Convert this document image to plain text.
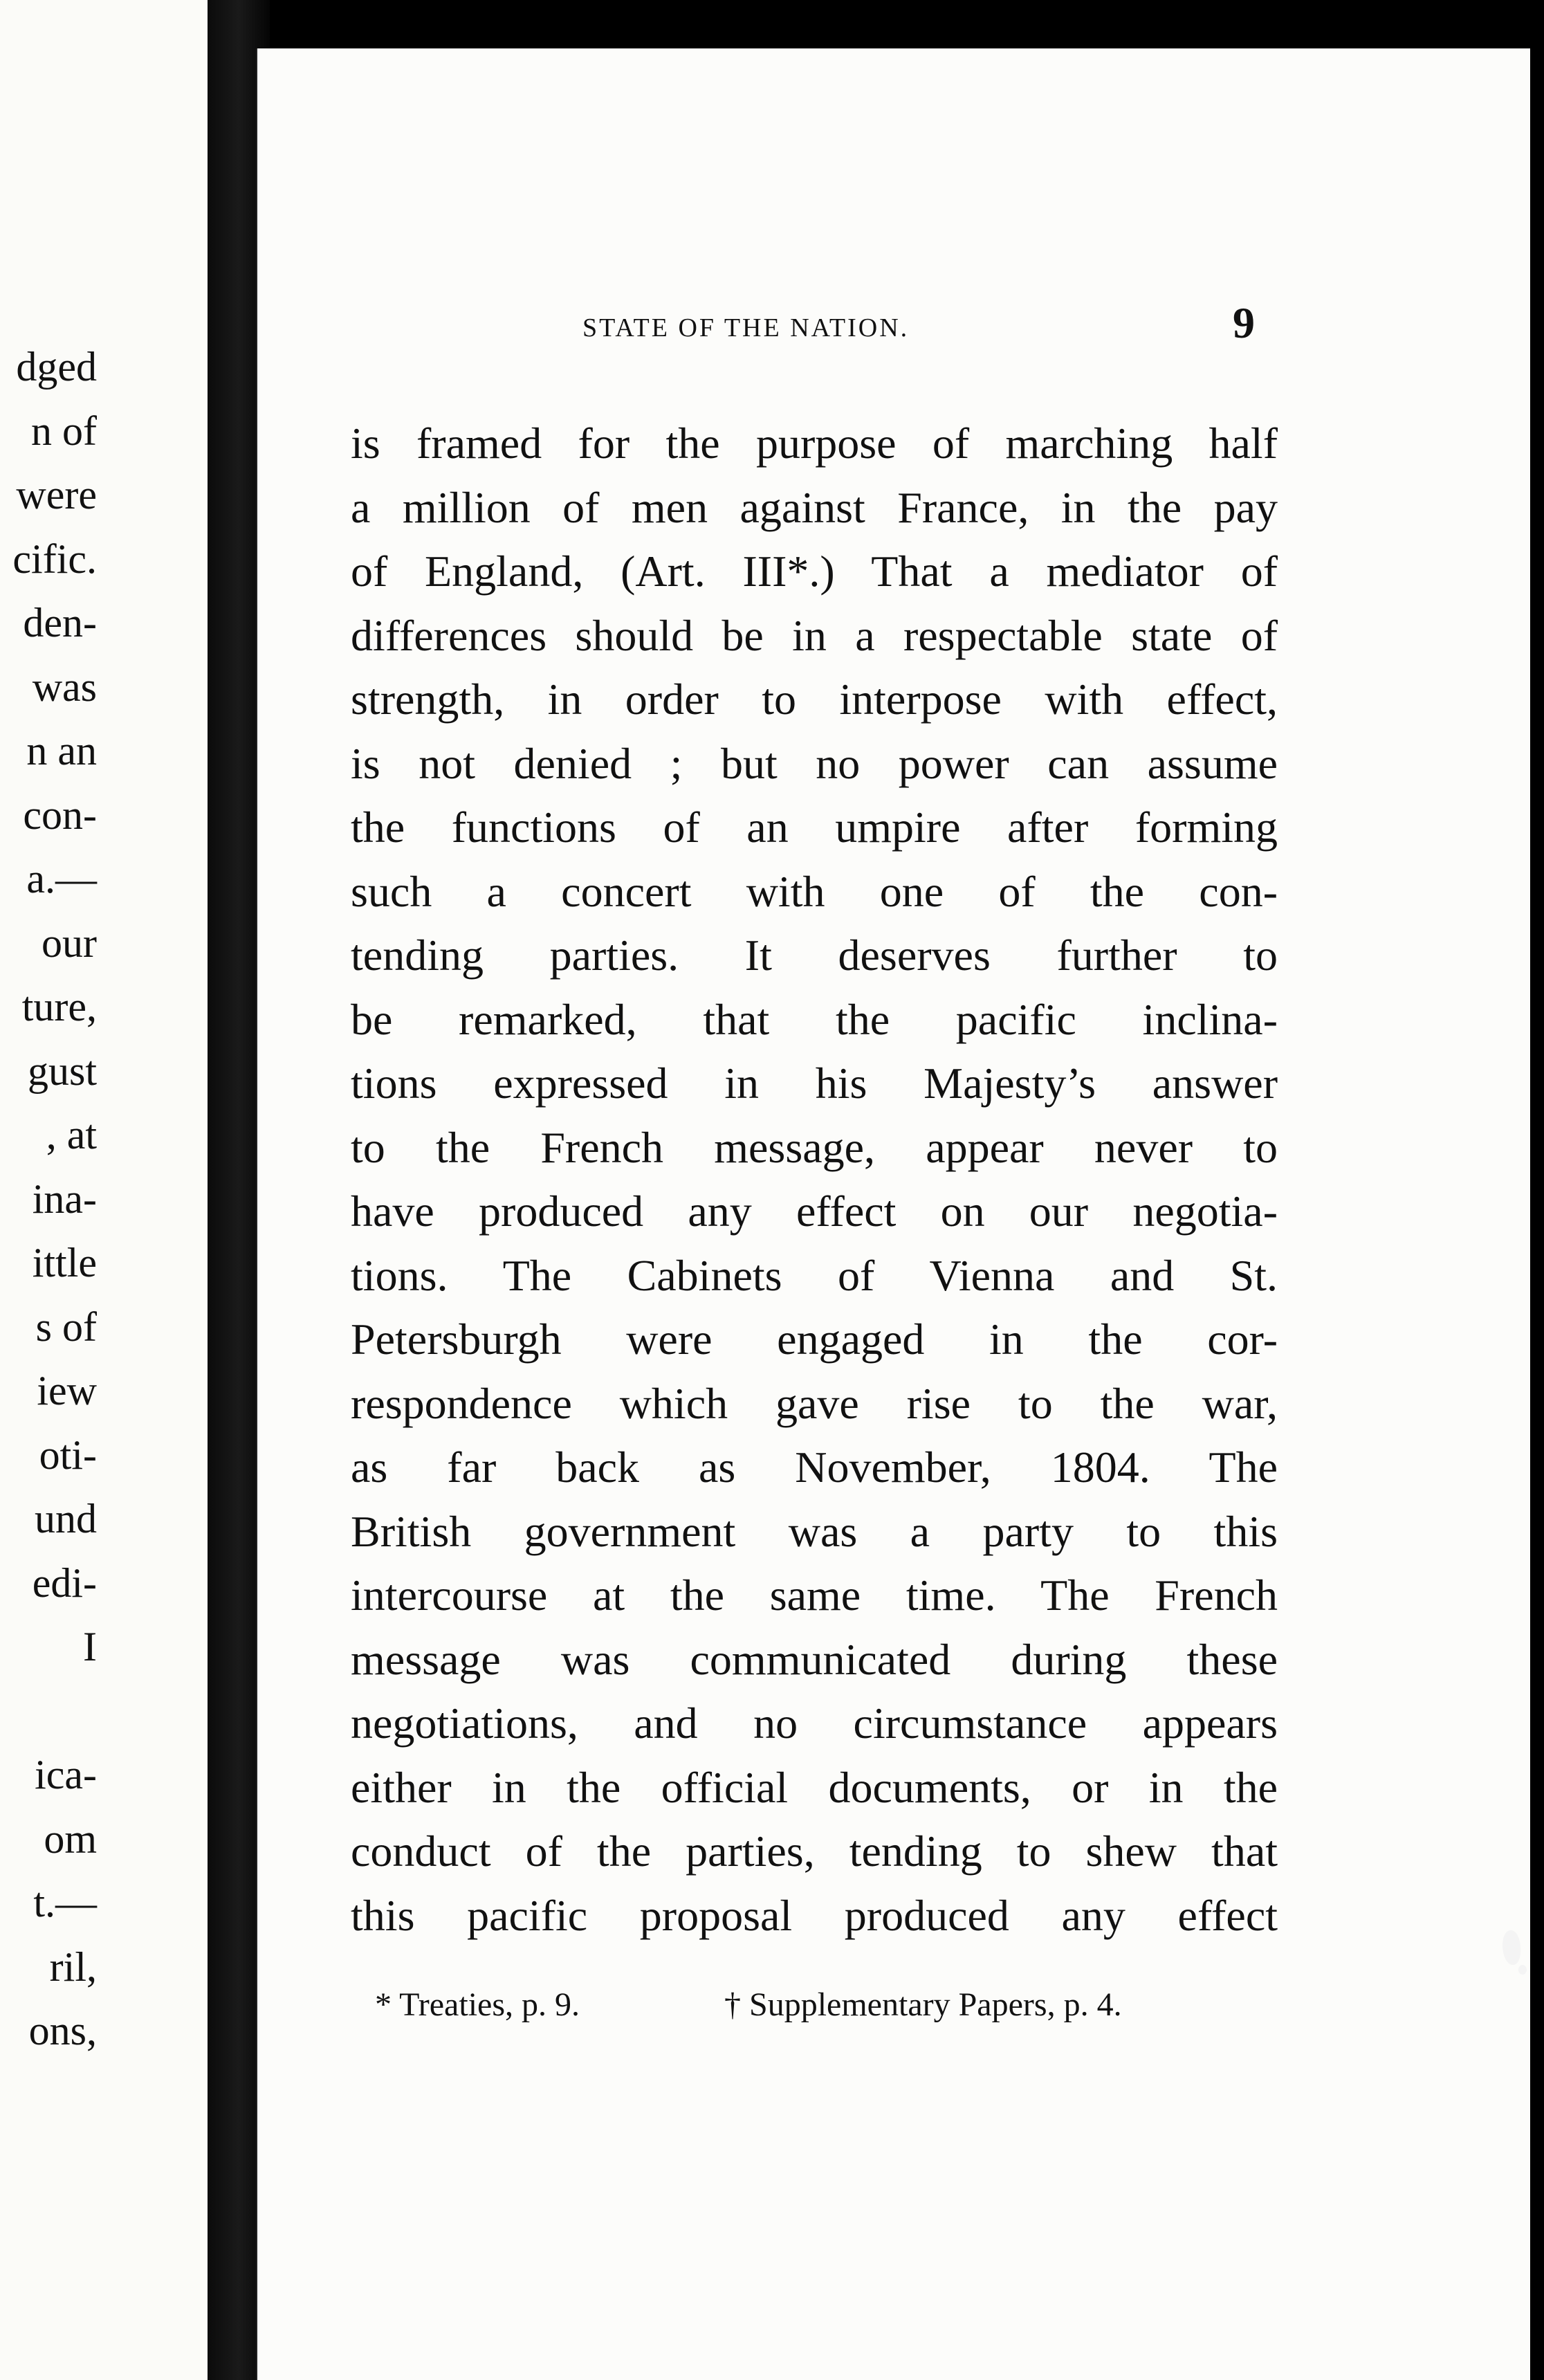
dged
n of
were
cific.
den-
was
n an
con-
a.—
our
ture,
gust
, at
ina-
ittle
s of
iew
oti-
und
edi-
I
ica-
om
t.—
ril,
ons,
STATE OF THE NATION.	9
is framed for the purpose of marching half
a million of men against France, in the pay
of England, (Art. III*.) That a mediator of
differences should be in a respectable state of
strength, in order to interpose with effect,
is not denied ; but no power can assume
the functions of an umpire after forming
such a concert with one of the con-
tending parties. It deserves further to
be remarked, that the pacific inclina-
tions expressed in his Majesty’s answer
to the French message, appear never to
have produced any effect on our negotia-
tions. The Cabinets of Vienna and St.
Petersburgh were engaged in the cor-
respondence which gave rise to the war,
as far back as November, 1804. The
British government was a party to this
intercourse at the same time. The French
message was communicated during these
negotiations, and no circumstance appears
either in the official documents, or in the
conduct of the parties, tending to shew that
this pacific proposal produced any effect
* Treaties, p. 9.	† Supplementary Papers, p. 4.
